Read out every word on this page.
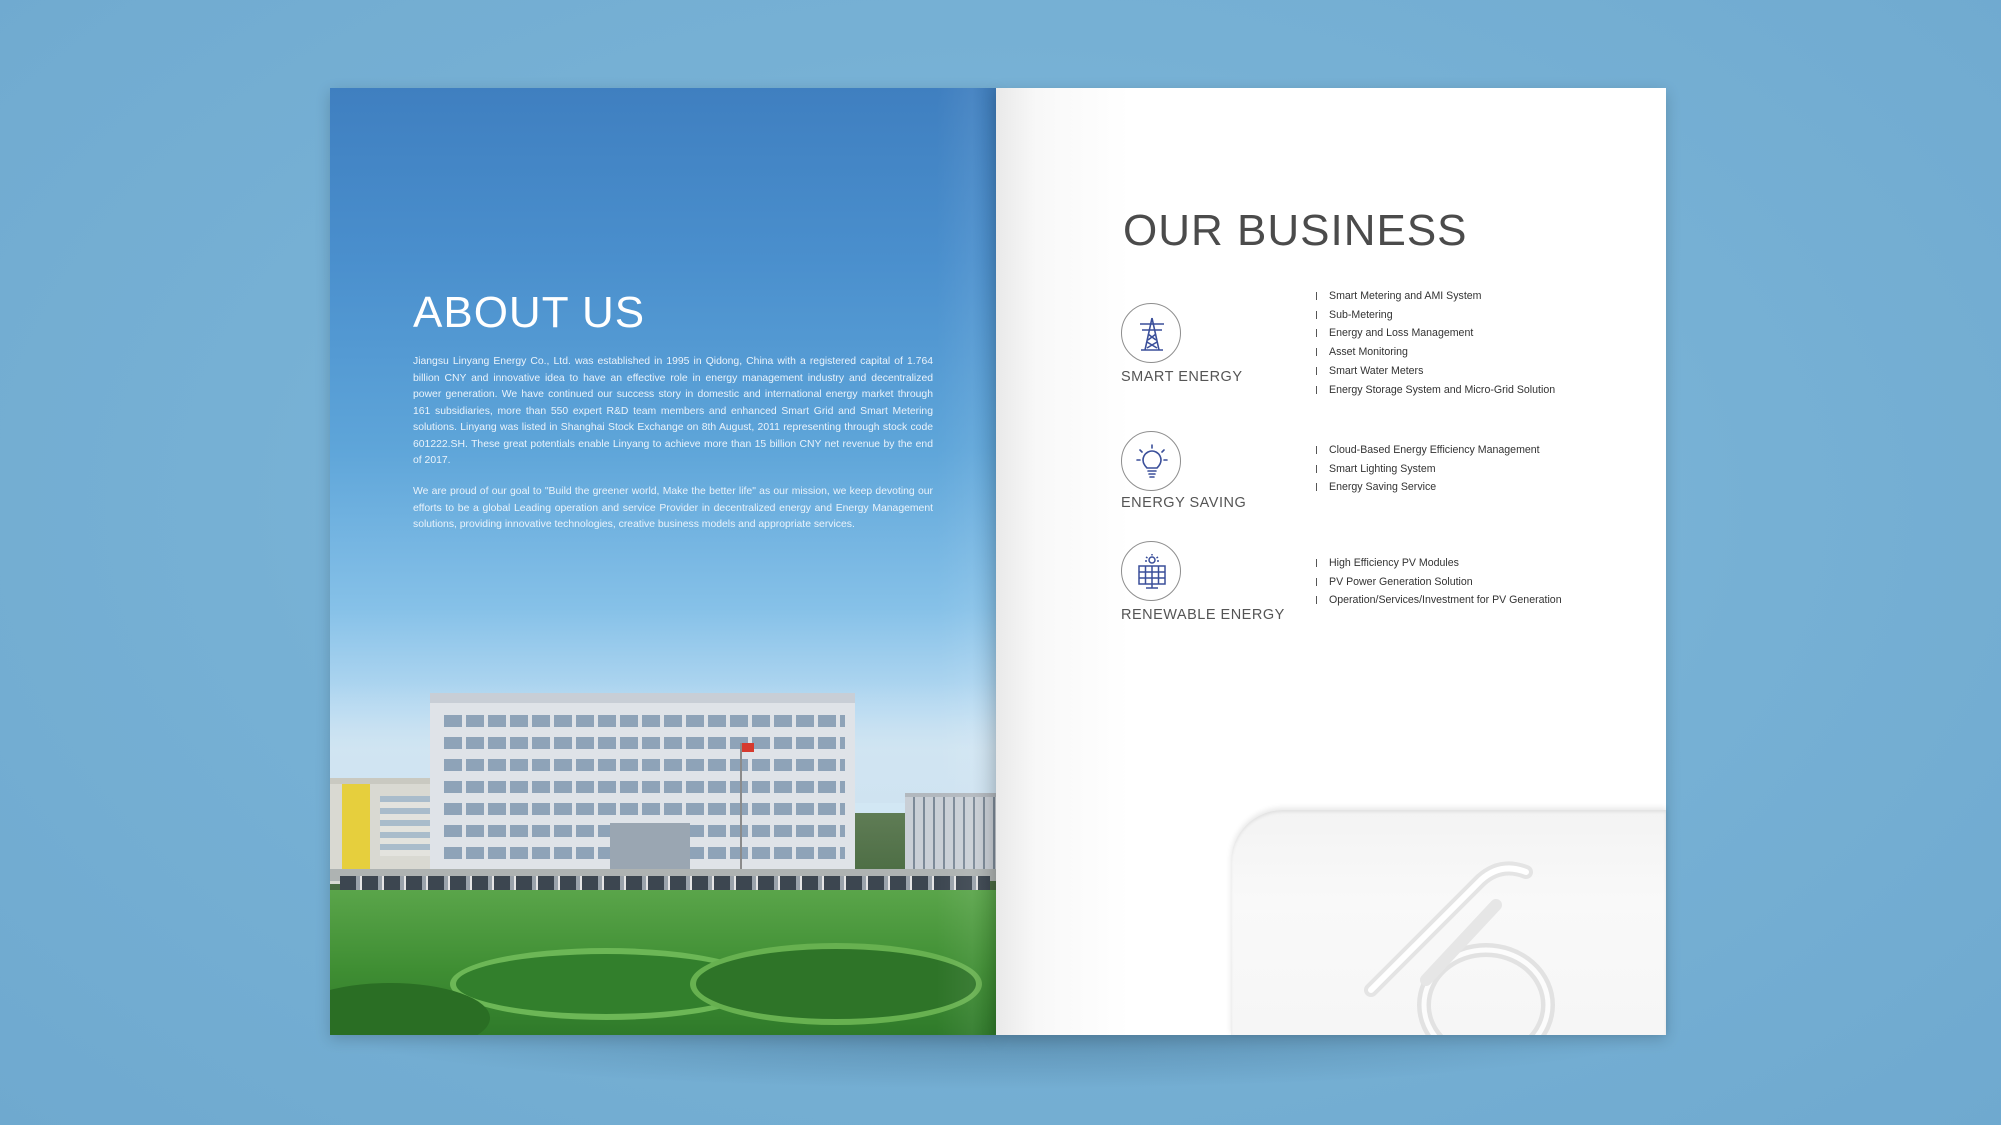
ABOUT US

Jiangsu Linyang Energy Co., Ltd. was established in 1995 in Qidong, China with a registered capital of 1.764 billion CNY and innovative idea to have an effective role in energy management industry and decentralized power generation. We have continued our success story in domestic and international energy market through 161 subsidiaries, more than 550 expert R&D team members and enhanced Smart Grid and Smart Metering solutions. Linyang was listed in Shanghai Stock Exchange on 8th August, 2011 representing through stock code 601222.SH. These great potentials enable Linyang to achieve more than 15 billion CNY net revenue by the end of 2017.

We are proud of our goal to "Build the greener world, Make the better life" as our mission, we keep devoting our efforts to be a global Leading operation and service Provider in decentralized energy and Energy Management solutions, providing innovative technologies, creative business models and appropriate services.

OUR BUSINESS
SMART ENERGY
Smart Metering and AMI System
Sub-Metering
Energy and Loss Management
Asset Monitoring
Smart Water Meters
Energy Storage System and Micro-Grid Solution
ENERGY SAVING
Cloud-Based Energy Efficiency Management
Smart Lighting System
Energy Saving Service
RENEWABLE ENERGY
High Efficiency PV Modules
PV Power Generation Solution
Operation/Services/Investment for PV Generation
